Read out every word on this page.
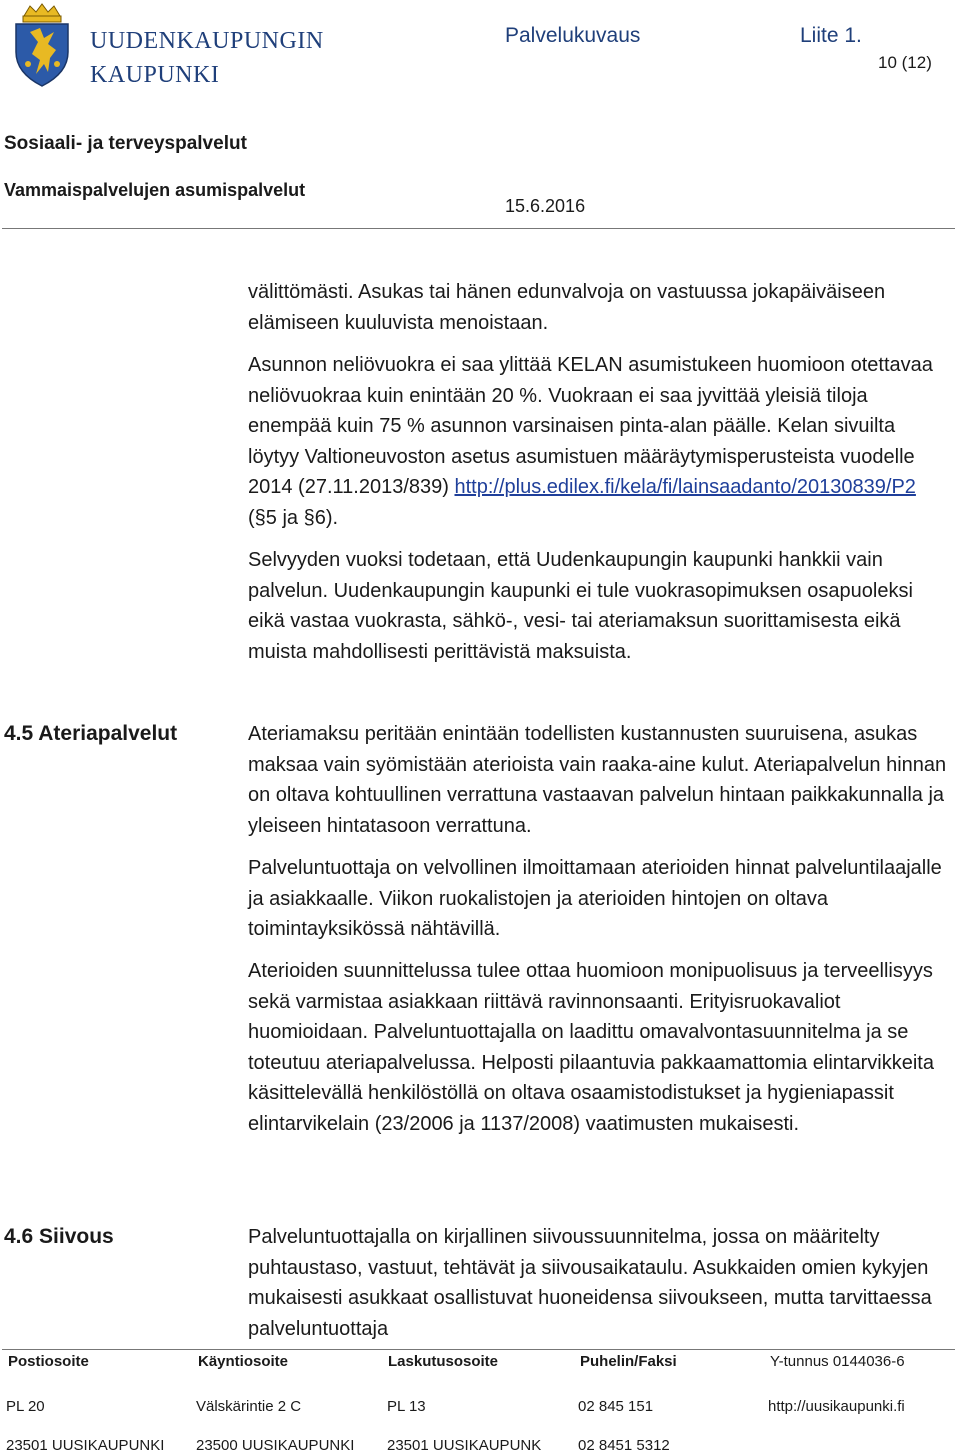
UUDENKAUPUNGIN
KAUPUNKI
Palvelukuvaus	Liite 1.
10 (12)
Sosiaali- ja terveyspalvelut
Vammaispalvelujen asumispalvelut
15.6.2016
välittömästi. Asukas tai hänen edunvalvoja on vastuussa jokapäiväiseen elämiseen kuuluvista menoistaan.
Asunnon neliövuokra ei saa ylittää KELAN asumistukeen huomioon otettavaa neliövuokraa kuin enintään 20 %. Vuokraan ei saa jyvittää yleisiä tiloja enempää kuin 75 % asunnon varsinaisen pinta-alan päälle. Kelan sivuilta löytyy Valtioneuvoston asetus asumistuen määräytymisperusteista vuodelle 2014 (27.11.2013/839) http://plus.edilex.fi/kela/fi/lainsaadanto/20130839/P2 (§5 ja §6).
Selvyyden vuoksi todetaan, että Uudenkaupungin kaupunki hankkii vain palvelun. Uudenkaupungin kaupunki ei tule vuokrasopimuksen osapuoleksi eikä vastaa vuokrasta, sähkö-, vesi- tai ateriamaksun suorittamisesta eikä muista mahdollisesti perittävistä maksuista.
4.5 Ateriapalvelut	Ateriamaksu peritään enintään todellisten kustannusten suuruisena, asukas maksaa vain syömistään aterioista vain raaka-aine kulut. Ateriapalvelun hinnan on oltava kohtuullinen verrattuna vastaavan palvelun hintaan paikkakunnalla ja yleiseen hintatasoon verrattuna.
Palveluntuottaja on velvollinen ilmoittamaan aterioiden hinnat palveluntilaajalle ja asiakkaalle. Viikon ruokalistojen ja aterioiden hintojen on oltava toimintayksikössä nähtävillä.
Aterioiden suunnittelussa tulee ottaa huomioon monipuolisuus ja terveellisyys sekä varmistaa asiakkaan riittävä ravinnonsaanti. Erityisruokavaliot huomioidaan. Palveluntuottajalla on laadittu omavalvontasuunnitelma ja se toteutuu ateriapalvelussa. Helposti pilaantuvia pakkaamattomia elintarvikkeita käsittelevällä henkilöstöllä on oltava osaamistodistukset ja hygieniapassit elintarvikelain (23/2006 ja 1137/2008) vaatimusten mukaisesti.
4.6 Siivous	Palveluntuottajalla on kirjallinen siivoussuunnitelma, jossa on määritelty puhtaustaso, vastuut, tehtävät ja siivousaikataulu. Asukkaiden omien kykyjen mukaisesti asukkaat osallistuvat huoneidensa siivoukseen, mutta tarvittaessa palveluntuottaja
Postiosoite	Käyntiosoite	Laskutusosoite	Puhelin/Faksi	Y-tunnus 0144036-6
PL 20	Välskärintie 2 C	PL 13	02 845 151	http://uusikaupunki.fi
23501 UUSIKAUPUNKI 23500 UUSIKAUPUNKI 23501 UUSIKAUPUNK 02 8451 5312
